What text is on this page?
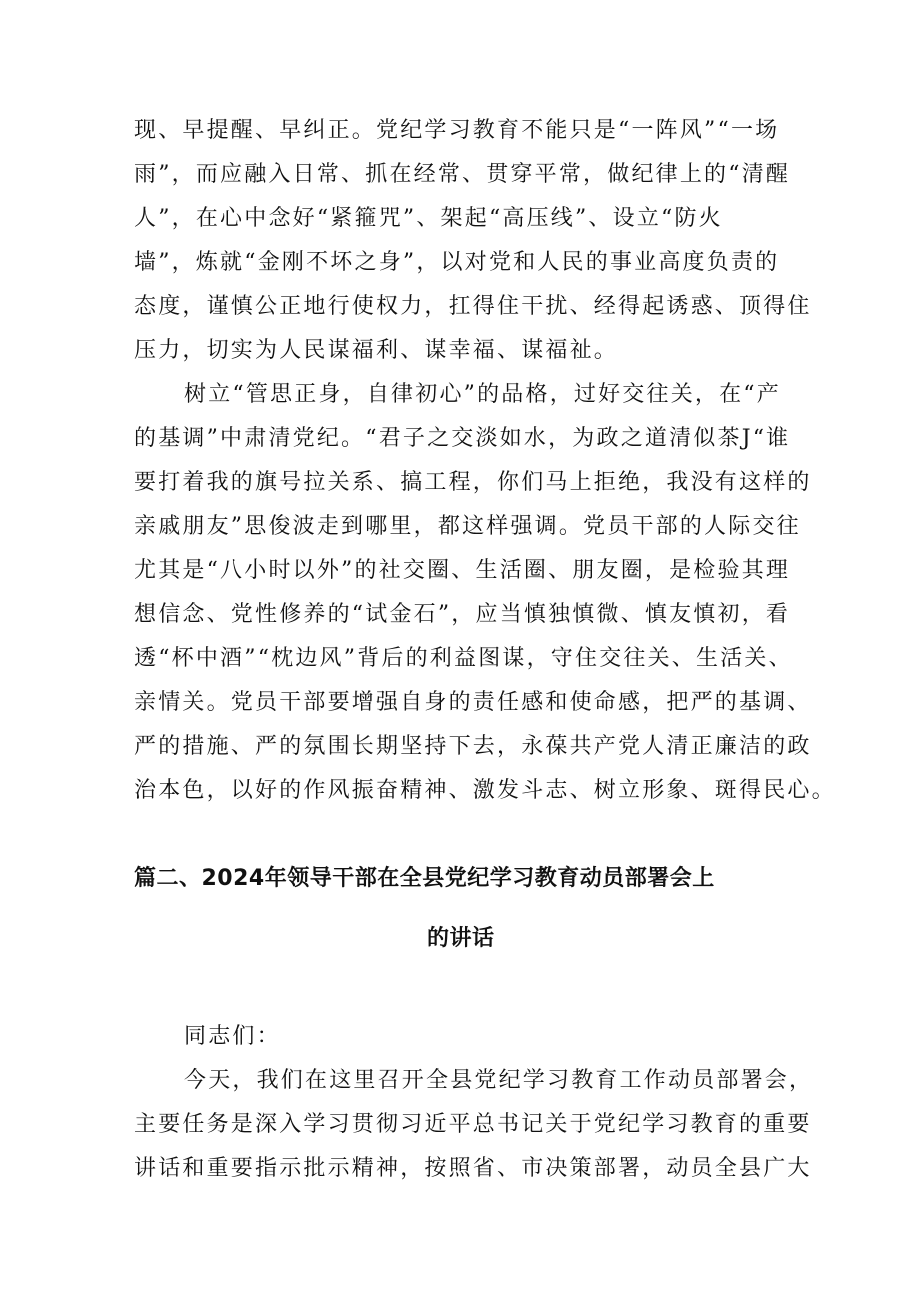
现、早提醒、早纠正。党纪学习教育不能只是“一阵风”“一场
雨”，而应融入日常、抓在经常、贯穿平常，做纪律上的“清醒
人”，在心中念好“紧箍咒”、架起“高压线”、设立“防火
墙”，炼就“金刚不坏之身”，以对党和人民的事业高度负责的
态度，谨慎公正地行使权力，扛得住干扰、经得起诱惑、顶得住
压力，切实为人民谋福利、谋幸福、谋福祉。
树立“管思正身，自律初心”的品格，过好交往关，在“产
的基调”中肃清党纪。“君子之交淡如水，为政之道清似茶J“谁
要打着我的旗号拉关系、搞工程，你们马上拒绝，我没有这样的
亲戚朋友”思俊波走到哪里，都这样强调。党员干部的人际交往
尤其是“八小时以外”的社交圈、生活圈、朋友圈，是检验其理
想信念、党性修养的“试金石”，应当慎独慎微、慎友慎初，看
透“杯中酒”“枕边风”背后的利益图谋，守住交往关、生活关、
亲情关。党员干部要增强自身的责任感和使命感，把严的基调、
严的措施、严的氛围长期坚持下去，永葆共产党人清正廉洁的政
治本色，以好的作风振奋精神、激发斗志、树立形象、斑得民心。
篇二、2024年领导干部在全县党纪学习教育动员部署会上
的讲话
同志们：
今天，我们在这里召开全县党纪学习教育工作动员部署会，
主要任务是深入学习贯彻习近平总书记关于党纪学习教育的重要
讲话和重要指示批示精神，按照省、市决策部署，动员全县广大
